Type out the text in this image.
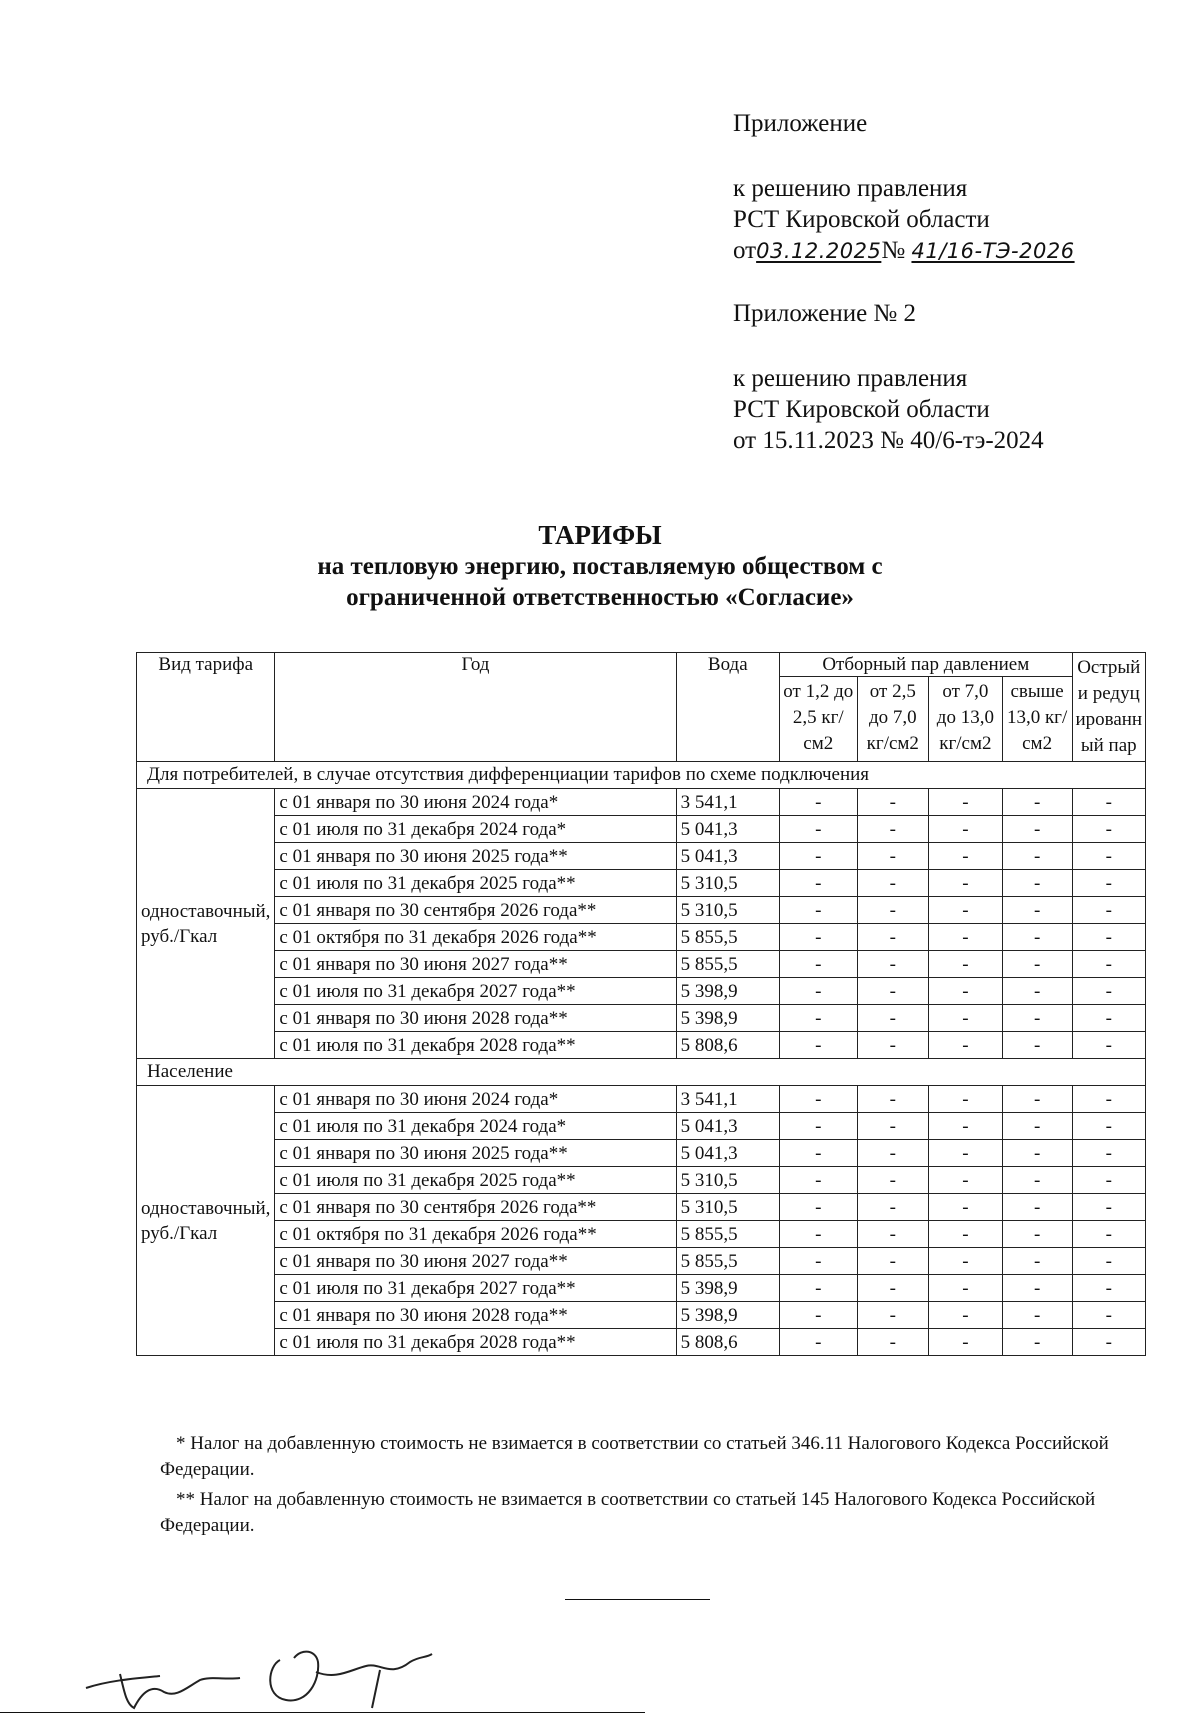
Приложение
к решению правления
РСТ Кировской области
от03.12.2025№ 41/16-ТЭ-2026
Приложение № 2
к решению правления
РСТ Кировской области
от 15.11.2023 № 40/6-тэ-2024
ТАРИФЫ
на тепловую энергию, поставляемую обществом с
ограниченной ответственностью «Согласие»
Вид тарифа	Год	Вода	Отборный пар давлением				Острый и редуцированный пар
			от 1,2 до 2,5 кг/см2	от 2,5 до 7,0 кг/см2	от 7,0 до 13,0 кг/см2	свыше 13,0 кг/см2	
Для потребителей, в случае отсутствия дифференциации тарифов по схеме подключения							
одноставочный, руб./Гкал	с 01 января по 30 июня 2024 года*	3 541,1	-	-	-	-	-
	с 01 июля по 31 декабря 2024 года*	5 041,3	-	-	-	-	-
	с 01 января по 30 июня 2025 года**	5 041,3	-	-	-	-	-
	с 01 июля по 31 декабря 2025 года**	5 310,5	-	-	-	-	-
	с 01 января по 30 сентября 2026 года**	5 310,5	-	-	-	-	-
	с 01 октября по 31 декабря 2026 года**	5 855,5	-	-	-	-	-
	с 01 января по 30 июня 2027 года**	5 855,5	-	-	-	-	-
	с 01 июля по 31 декабря 2027 года**	5 398,9	-	-	-	-	-
	с 01 января по 30 июня 2028 года**	5 398,9	-	-	-	-	-
	с 01 июля по 31 декабря 2028 года**	5 808,6	-	-	-	-	-
Население							
одноставочный, руб./Гкал	с 01 января по 30 июня 2024 года*	3 541,1	-	-	-	-	-
	с 01 июля по 31 декабря 2024 года*	5 041,3	-	-	-	-	-
	с 01 января по 30 июня 2025 года**	5 041,3	-	-	-	-	-
	с 01 июля по 31 декабря 2025 года**	5 310,5	-	-	-	-	-
	с 01 января по 30 сентября 2026 года**	5 310,5	-	-	-	-	-
	с 01 октября по 31 декабря 2026 года**	5 855,5	-	-	-	-	-
	с 01 января по 30 июня 2027 года**	5 855,5	-	-	-	-	-
	с 01 июля по 31 декабря 2027 года**	5 398,9	-	-	-	-	-
	с 01 января по 30 июня 2028 года**	5 398,9	-	-	-	-	-
	с 01 июля по 31 декабря 2028 года**	5 808,6	-	-	-	-	-

* Налог на добавленную стоимость не взимается в соответствии со статьей 346.11 Налогового Кодекса Российской Федерации.

** Налог на добавленную стоимость не взимается в соответствии со статьей 145 Налогового Кодекса Российской Федерации.
